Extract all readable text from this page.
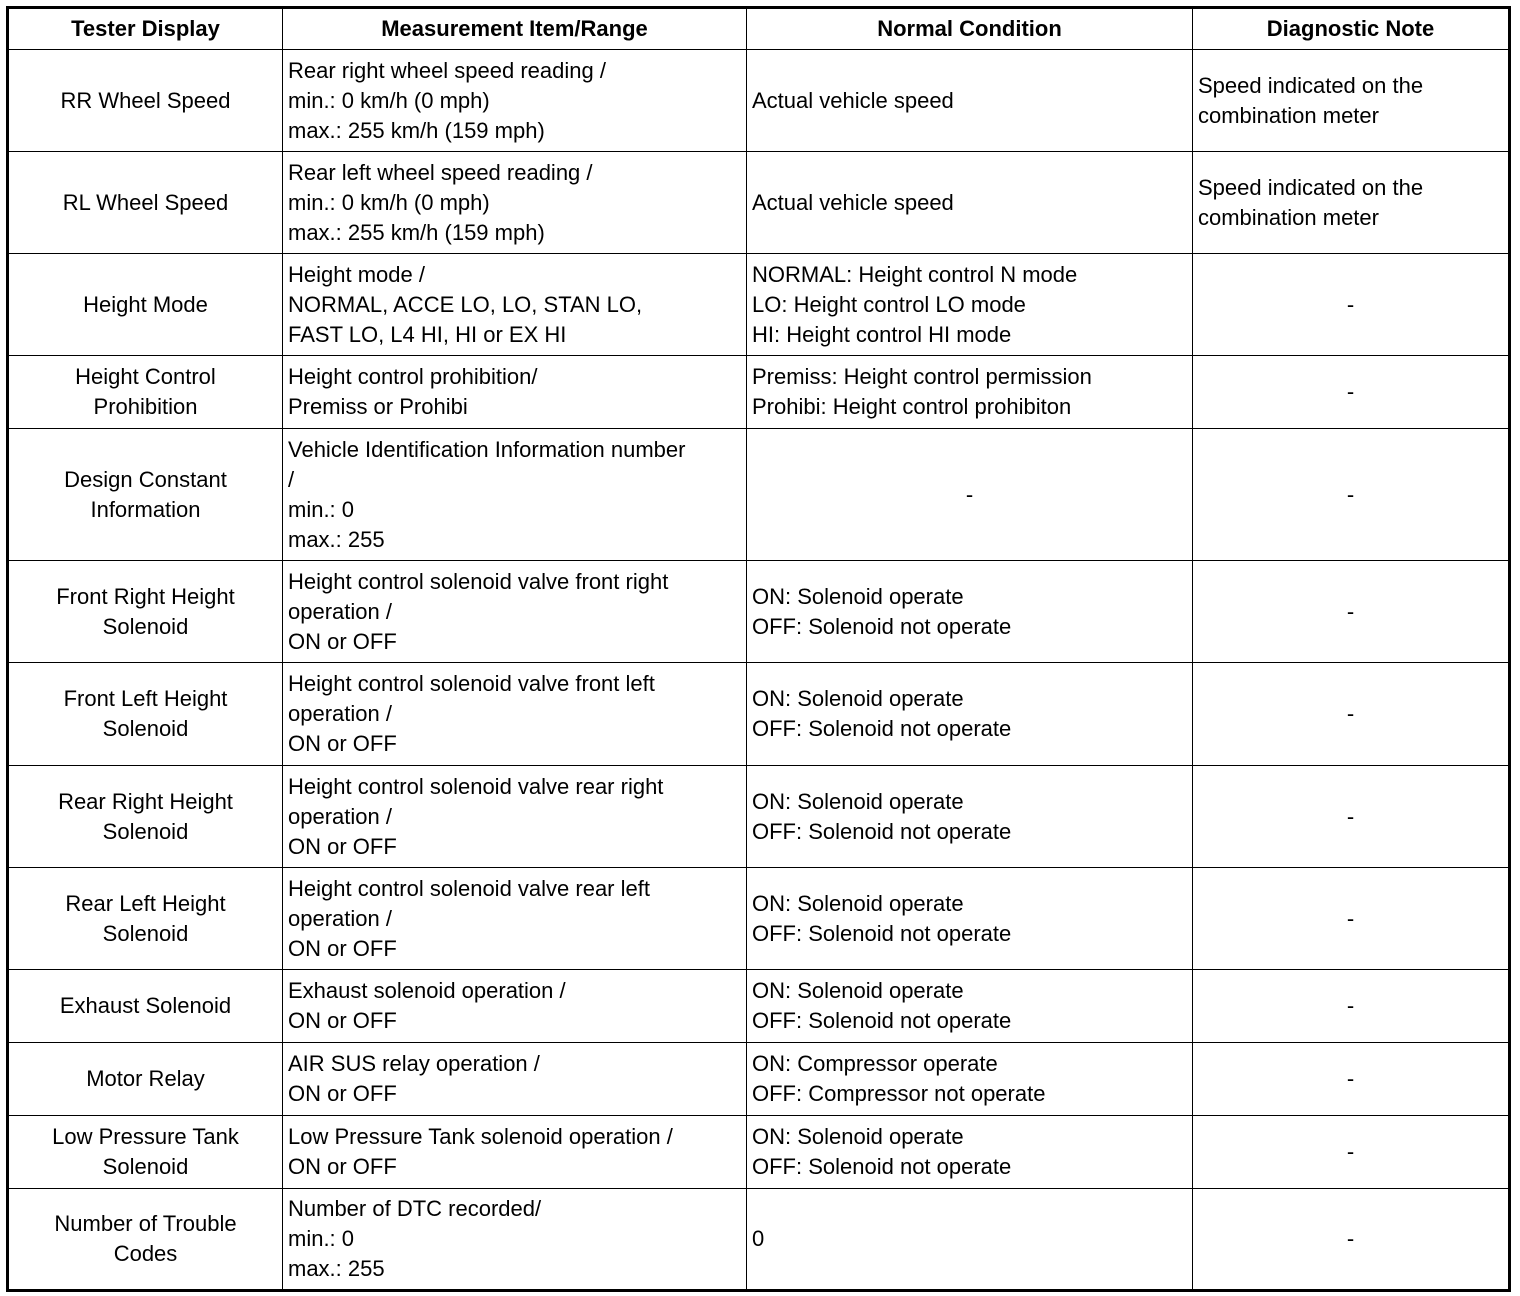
Tester Display	Measurement Item/Range	Normal Condition	Diagnostic Note

RR Wheel Speed	Rear right wheel speed reading /
min.: 0 km/h (0 mph)
max.: 255 km/h (159 mph)	Actual vehicle speed	Speed indicated on the
combination meter

RL Wheel Speed	Rear left wheel speed reading /
min.: 0 km/h (0 mph)
max.: 255 km/h (159 mph)	Actual vehicle speed	Speed indicated on the
combination meter

Height Mode	Height mode /
NORMAL, ACCE LO, LO, STAN LO,
FAST LO, L4 HI, HI or EX HI	NORMAL: Height control N mode
LO: Height control LO mode
HI: Height control HI mode	-

Height Control
Prohibition	Height control prohibition/
Premiss or Prohibi	Premiss: Height control permission
Prohibi: Height control prohibiton	-

Design Constant
Information	Vehicle Identification Information number
/
min.: 0
max.: 255	-	-

Front Right Height
Solenoid	Height control solenoid valve front right
operation /
ON or OFF	ON: Solenoid operate
OFF: Solenoid not operate	-

Front Left Height
Solenoid	Height control solenoid valve front left
operation /
ON or OFF	ON: Solenoid operate
OFF: Solenoid not operate	-

Rear Right Height
Solenoid	Height control solenoid valve rear right
operation /
ON or OFF	ON: Solenoid operate
OFF: Solenoid not operate	-

Rear Left Height
Solenoid	Height control solenoid valve rear left
operation /
ON or OFF	ON: Solenoid operate
OFF: Solenoid not operate	-

Exhaust Solenoid	Exhaust solenoid operation /
ON or OFF	ON: Solenoid operate
OFF: Solenoid not operate	-

Motor Relay	AIR SUS relay operation /
ON or OFF	ON: Compressor operate
OFF: Compressor not operate	-

Low Pressure Tank
Solenoid	Low Pressure Tank solenoid operation /
ON or OFF	ON: Solenoid operate
OFF: Solenoid not operate	-

Number of Trouble
Codes	Number of DTC recorded/
min.: 0
max.: 255	0	-
